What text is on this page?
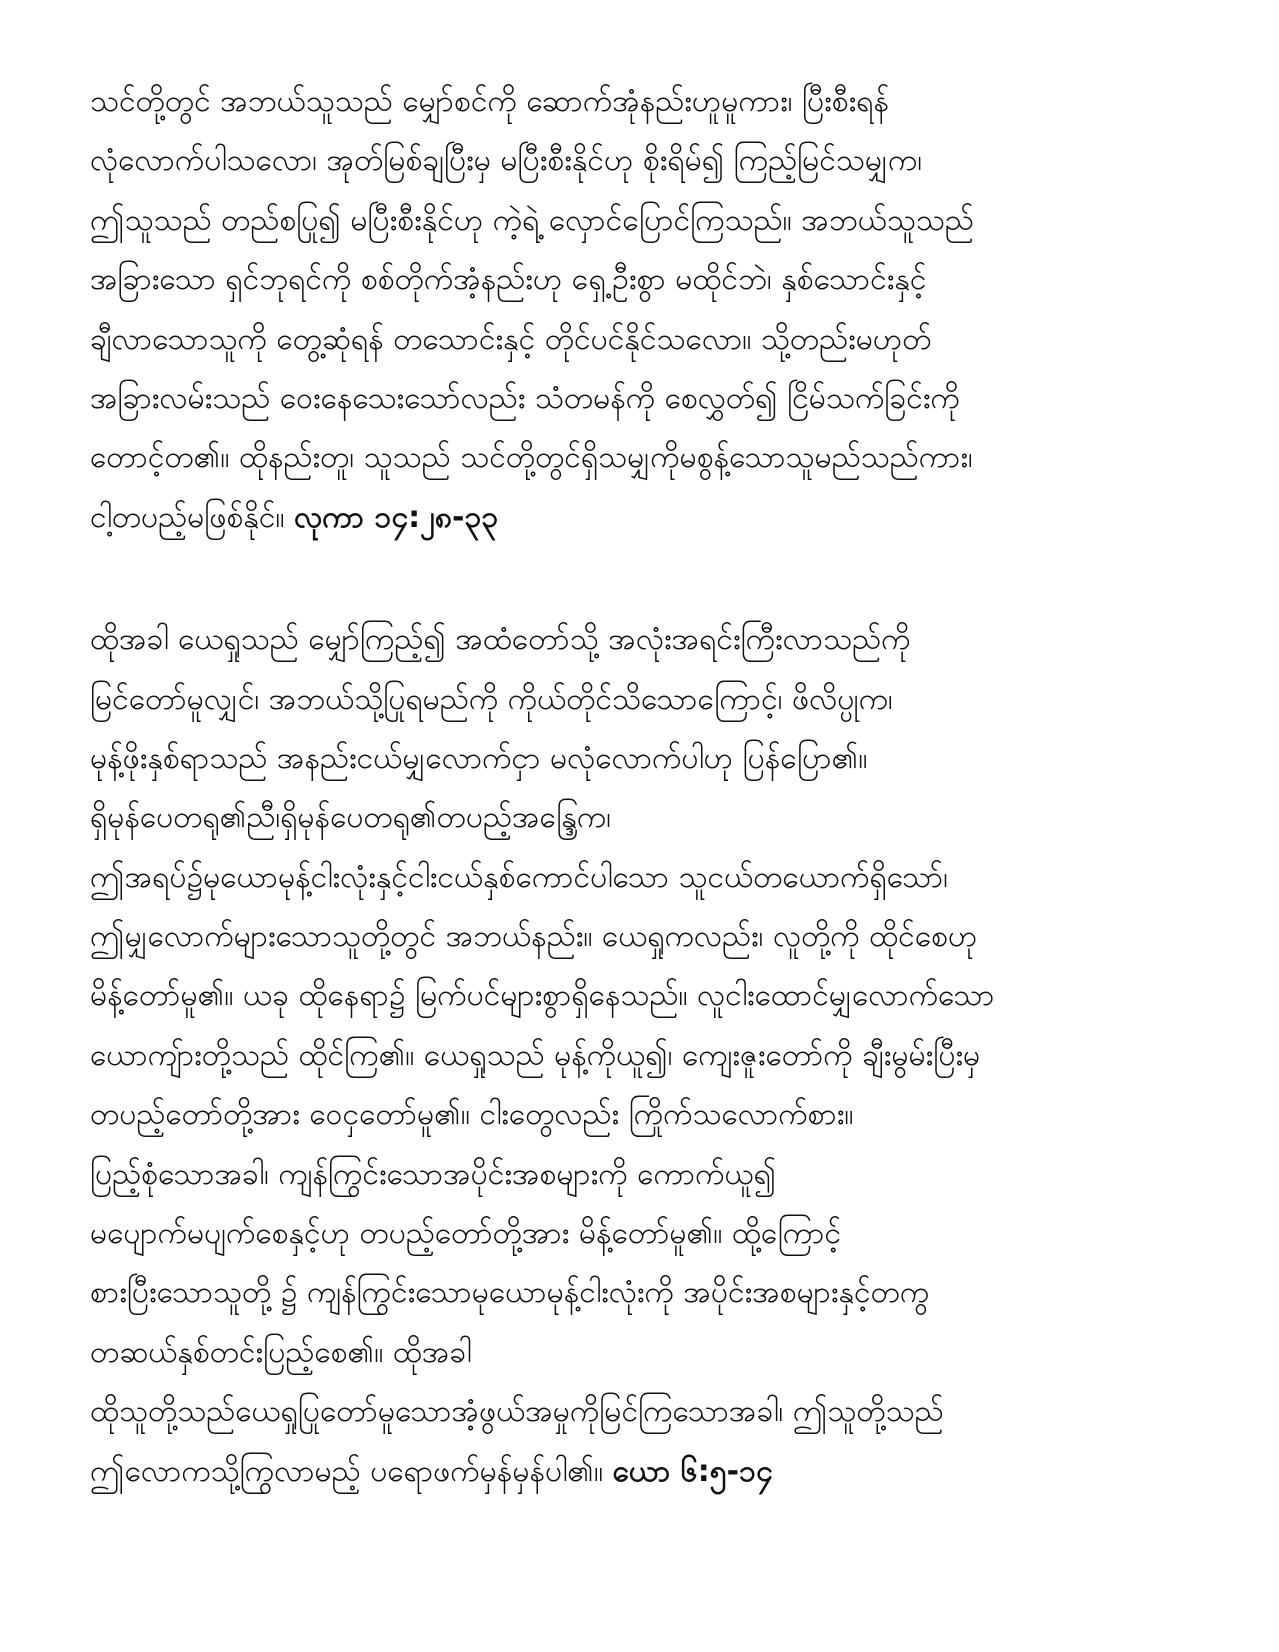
သင်တို့တွင် အဘယ်သူသည် မျှော်စင်ကို ဆောက်အုံနည်းဟူမူကား၊ ပြီးစီးရန်
လုံလောက်ပါသလော၊ အုတ်မြစ်ချပြီးမှ မပြီးစီးနိုင်ဟု စိုးရိမ်၍ ကြည့်မြင်သမျှက၊
ဤသူသည် တည်စပြု၍ မပြီးစီးနိုင်ဟု ကဲ့ရဲ့ လှောင်ပြောင်ကြသည်။ အဘယ်သူသည်
အခြားသော ရှင်ဘုရင်ကို စစ်တိုက်အံ့နည်းဟု ရှေ့ဦးစွာ မထိုင်ဘဲ၊ နှစ်သောင်းနှင့်
ချီလာသောသူကို တွေ့ဆုံရန် တသောင်းနှင့် တိုင်ပင်နိုင်သလော။ သို့တည်းမဟုတ်
အခြားလမ်းသည် ဝေးနေသေးသော်လည်း သံတမန်ကို စေလွှတ်၍ ငြိမ်သက်ခြင်းကို
တောင့်တ၏။ ထိုနည်းတူ၊ သူသည် သင်တို့တွင်ရှိသမျှကိုမစွန့်သောသူမည်သည်ကား၊
ငါ့တပည့်မဖြစ်နိုင်။ လုကာ ၁၄:၂၈-၃၃
ထိုအခါ ယေရှုသည် မျှော်ကြည့်၍ အထံတော်သို့ အလုံးအရင်းကြီးလာသည်ကို
မြင်တော်မူလျှင်၊ အဘယ်သို့ပြုရမည်ကို ကိုယ်တိုင်သိသောကြောင့်၊ ဖိလိပ္ပုက၊
မုန့်ဖိုးနှစ်ရာသည် အနည်းငယ်မျှလောက်ငှာ မလုံလောက်ပါဟု ပြန်ပြော၏။
ရှိမုန်ပေတရု၏ညီ၊ရှိမုန်ပေတရု၏တပည့်အန္ဒြေက၊
ဤအရပ်၌မုယောမုန့်ငါးလုံးနှင့်ငါးငယ်နှစ်ကောင်ပါသော သူငယ်တယောက်ရှိသော်၊
ဤမျှလောက်များသောသူတို့တွင် အဘယ်နည်း။ ယေရှုကလည်း၊ လူတို့ကို ထိုင်စေဟု
မိန့်တော်မူ၏။ ယခု ထိုနေရာ၌ မြက်ပင်များစွာရှိနေသည်။ လူငါးထောင်မျှလောက်သော
ယောကျ်ားတို့သည် ထိုင်ကြ၏။ ယေရှုသည် မုန့်ကိုယူ၍၊ ကျေးဇူးတော်ကို ချီးမွမ်းပြီးမှ
တပည့်တော်တို့အား ဝေငှတော်မူ၏။ ငါးတွေလည်း ကြိုက်သလောက်စား။
ပြည့်စုံသောအခါ၊ ကျန်ကြွင်းသောအပိုင်းအစများကို ကောက်ယူ၍
မပျောက်မပျက်စေနှင့်ဟု တပည့်တော်တို့အား မိန့်တော်မူ၏။ ထို့ကြောင့်
စားပြီးသောသူတို့ ၌ ကျန်ကြွင်းသောမုယောမုန့်ငါးလုံးကို အပိုင်းအစများနှင့်တကွ
တဆယ်နှစ်တင်းပြည့်စေ၏။ ထိုအခါ
ထိုသူတို့သည်ယေရှုပြုတော်မူသောအံ့ဖွယ်အမှုကိုမြင်ကြသောအခါ၊ ဤသူတို့သည်
ဤလောကသို့ကြွလာမည့် ပရောဖက်မှန်မှန်ပါ၏။ ယော ၆:၅-၁၄
